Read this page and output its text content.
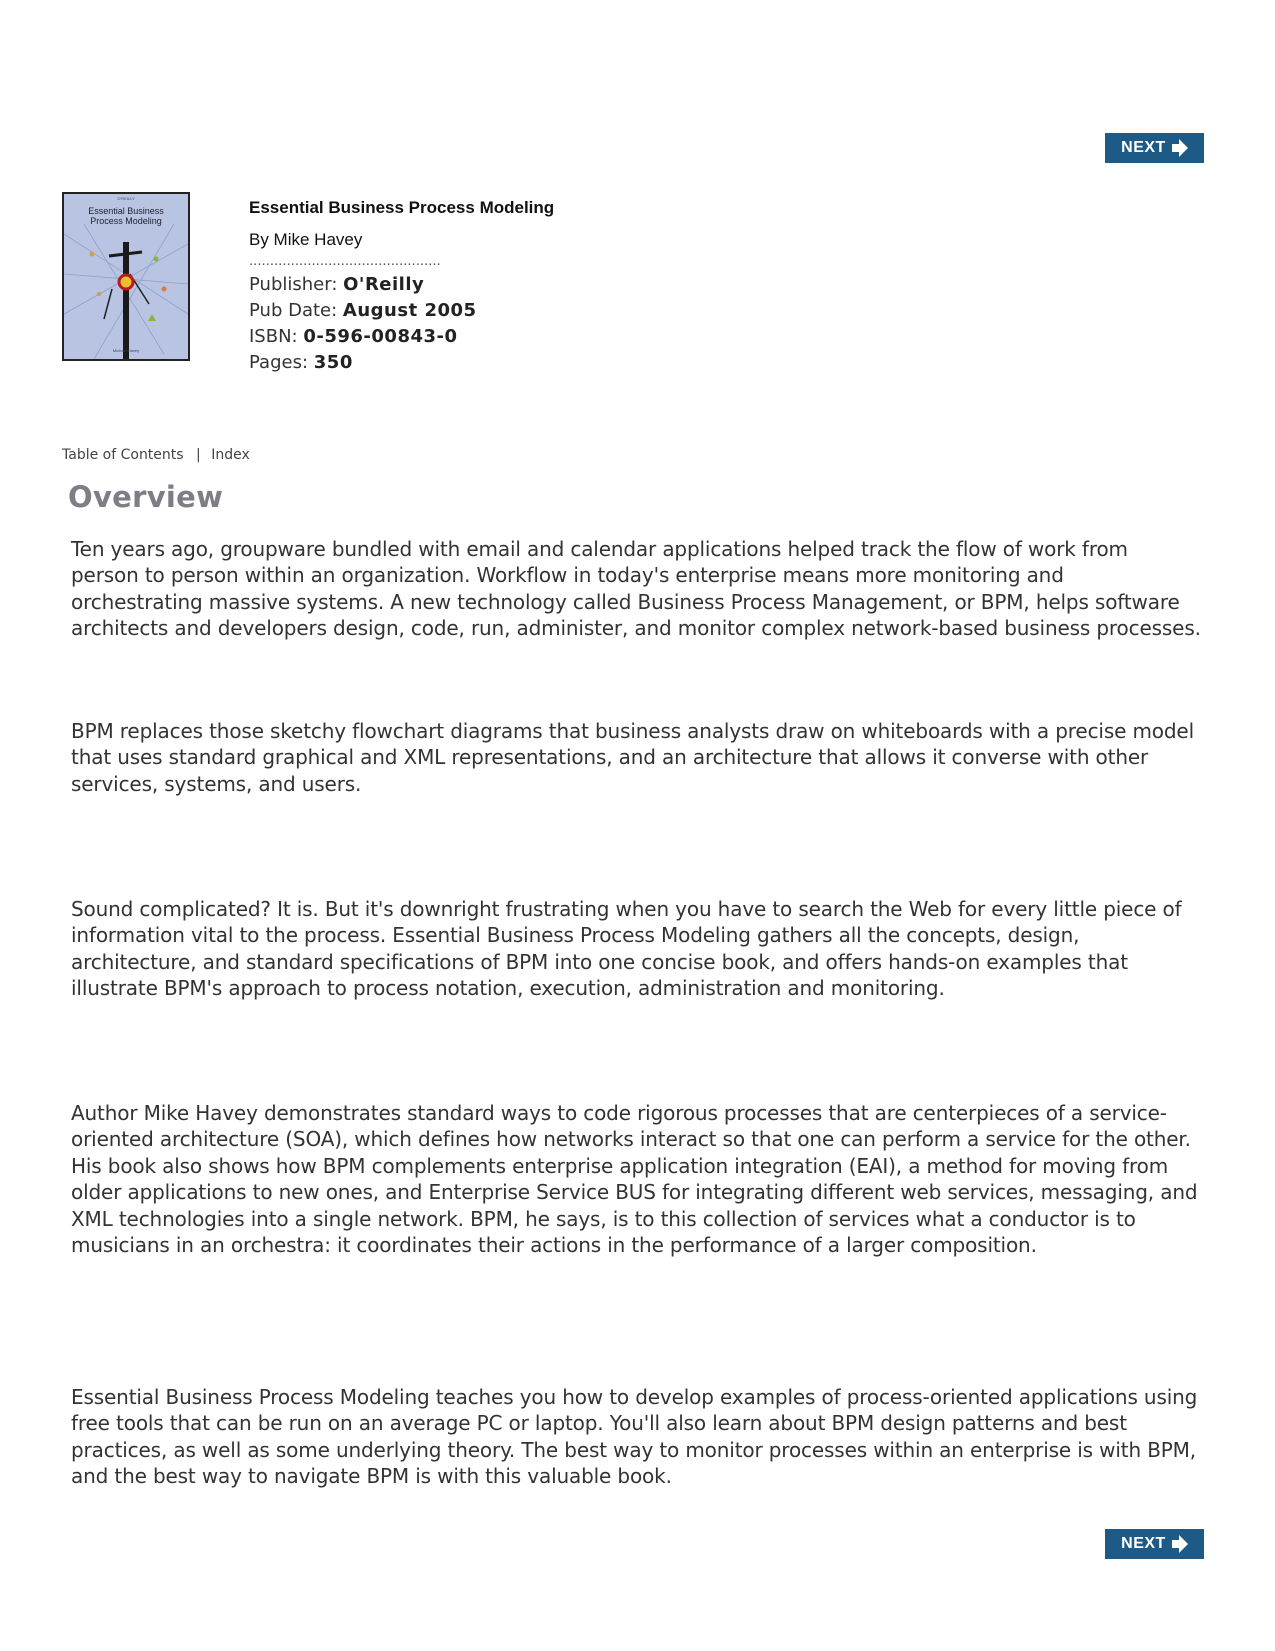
NEXT
O'REILLY
Essential Business
Process Modeling
Michael Havey
Essential Business Process Modeling
By Mike Havey
..............................................
Publisher: O'Reilly
Pub Date: August 2005
ISBN: 0-596-00843-0
Pages: 350
Table of Contents | Index
Overview

Ten years ago, groupware bundled with email and calendar applications helped track the flow of work from person to person within an organization. Workflow in today's enterprise means more monitoring and orchestrating massive systems. A new technology called Business Process Management, or BPM, helps software architects and developers design, code, run, administer, and monitor complex network-based business processes.

BPM replaces those sketchy flowchart diagrams that business analysts draw on whiteboards with a precise model that uses standard graphical and XML representations, and an architecture that allows it converse with other services, systems, and users.

Sound complicated? It is. But it's downright frustrating when you have to search the Web for every little piece of information vital to the process. Essential Business Process Modeling gathers all the concepts, design, architecture, and standard specifications of BPM into one concise book, and offers hands-on examples that illustrate BPM's approach to process notation, execution, administration and monitoring.

Author Mike Havey demonstrates standard ways to code rigorous processes that are centerpieces of a service-oriented architecture (SOA), which defines how networks interact so that one can perform a service for the other. His book also shows how BPM complements enterprise application integration (EAI), a method for moving from older applications to new ones, and Enterprise Service BUS for integrating different web services, messaging, and XML technologies into a single network. BPM, he says, is to this collection of services what a conductor is to musicians in an orchestra: it coordinates their actions in the performance of a larger composition.

Essential Business Process Modeling teaches you how to develop examples of process-oriented applications using free tools that can be run on an average PC or laptop. You'll also learn about BPM design patterns and best practices, as well as some underlying theory. The best way to monitor processes within an enterprise is with BPM, and the best way to navigate BPM is with this valuable book.

NEXT
